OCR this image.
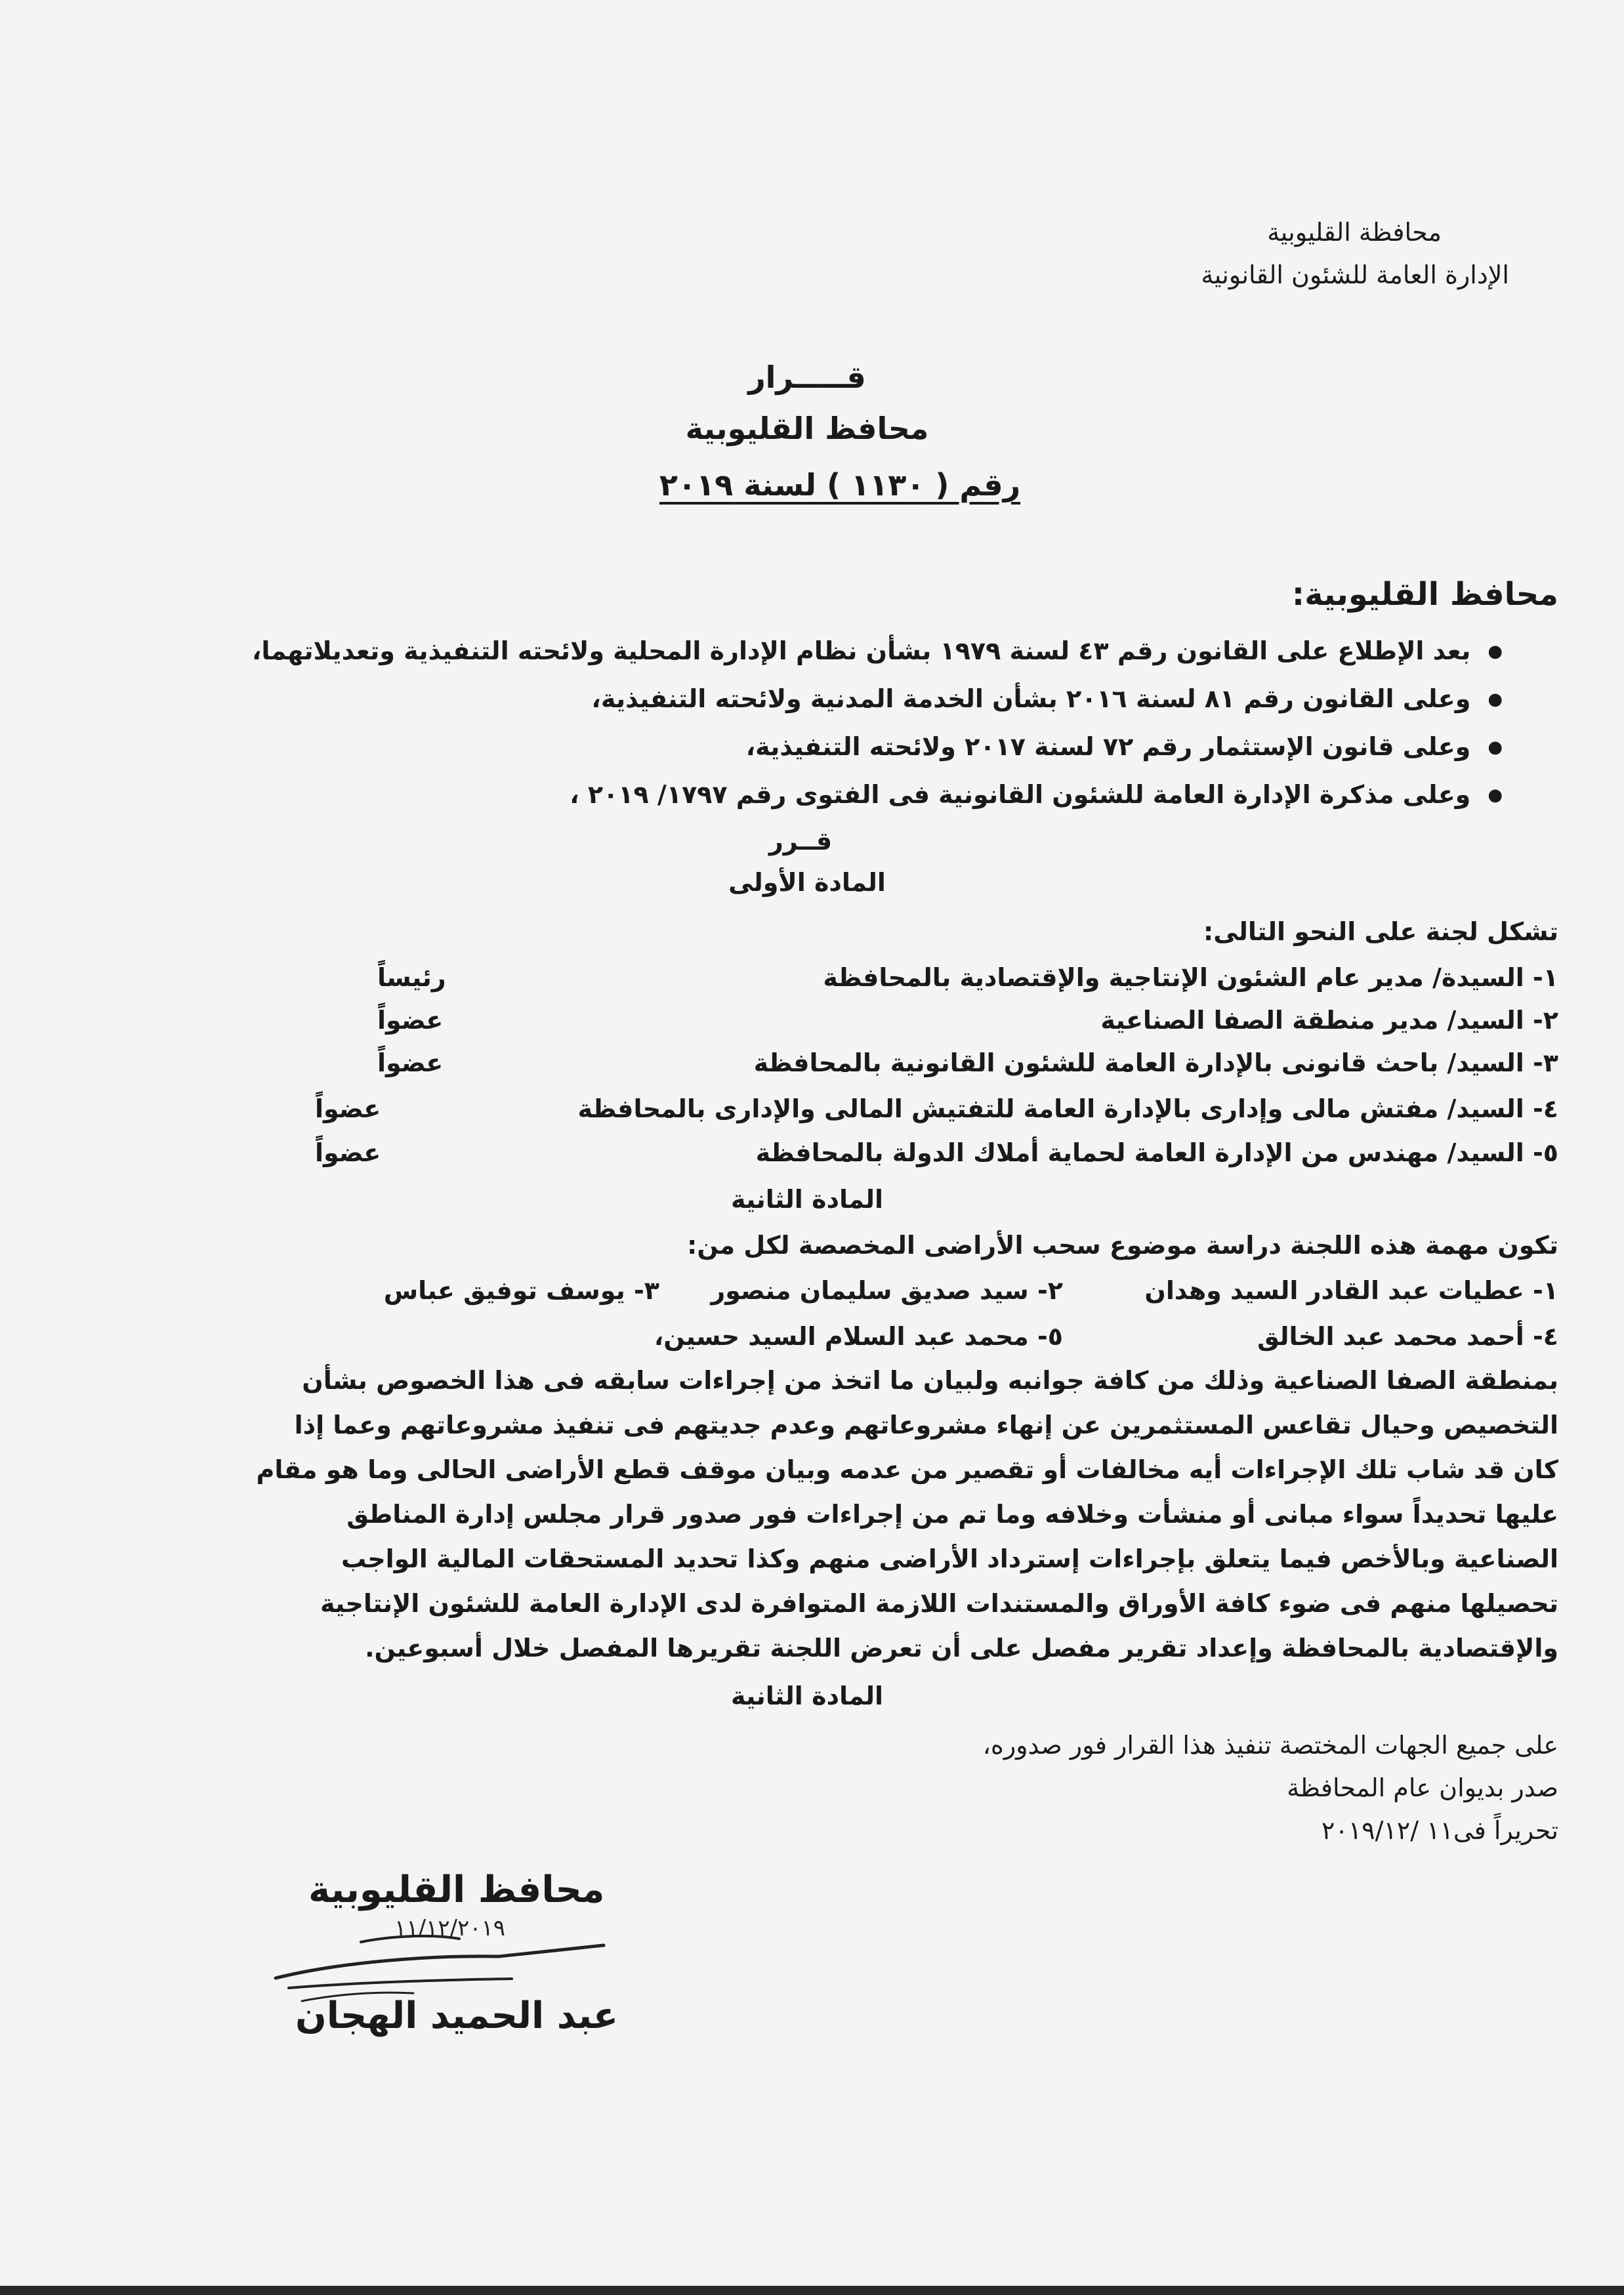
محافظة القليوبية
الإدارة العامة للشئون القانونية
قـــــرار
محافظ القليوبية
رقم ( ١١٣٠ ) لسنة ٢٠١٩
محافظ القليوبية:
● بعد الإطلاع على القانون رقم ٤٣ لسنة ١٩٧٩ بشأن نظام الإدارة المحلية ولائحته التنفيذية وتعديلاتهما،
● وعلى القانون رقم ٨١ لسنة ٢٠١٦ بشأن الخدمة المدنية ولائحته التنفيذية،
● وعلى قانون الإستثمار رقم ٧٢ لسنة ٢٠١٧ ولائحته التنفيذية،
● وعلى مذكرة الإدارة العامة للشئون القانونية فى الفتوى رقم ١٧٩٧/ ٢٠١٩ ،
قــرر
المادة الأولى
تشكل لجنة على النحو التالى:
١- السيدة/ مدير عام الشئون الإنتاجية والإقتصادية بالمحافظة
رئيساً
٢- السيد/ مدير منطقة الصفا الصناعية
عضواً
٣- السيد/ باحث قانونى بالإدارة العامة للشئون القانونية بالمحافظة
عضواً
٤- السيد/ مفتش مالى وإدارى بالإدارة العامة للتفتيش المالى والإدارى بالمحافظة
عضواً
٥- السيد/ مهندس من الإدارة العامة لحماية أملاك الدولة بالمحافظة
عضواً
المادة الثانية
تكون مهمة هذه اللجنة دراسة موضوع سحب الأراضى المخصصة لكل من:
١- عطيات عبد القادر السيد وهدان
٢- سيد صديق سليمان منصور
٣- يوسف توفيق عباس
٤- أحمد محمد عبد الخالق
٥- محمد عبد السلام السيد حسين،

بمنطقة الصفا الصناعية وذلك من كافة جوانبه ولبيان ما اتخذ من إجراءات سابقه فى هذا الخصوص بشأن

التخصيص وحيال تقاعس المستثمرين عن إنهاء مشروعاتهم وعدم جديتهم فى تنفيذ مشروعاتهم وعما إذا

كان قد شاب تلك الإجراءات أيه مخالفات أو تقصير من عدمه وبيان موقف قطع الأراضى الحالى وما هو مقام

عليها تحديداً سواء مبانى أو منشأت وخلافه وما تم من إجراءات فور صدور قرار مجلس إدارة المناطق

الصناعية وبالأخص فيما يتعلق بإجراءات إسترداد الأراضى منهم وكذا تحديد المستحقات المالية الواجب

تحصيلها منهم فى ضوء كافة الأوراق والمستندات اللازمة المتوافرة لدى الإدارة العامة للشئون الإنتاجية

والإقتصادية بالمحافظة وإعداد تقرير مفصل على أن تعرض اللجنة تقريرها المفصل خلال أسبوعين.

المادة الثانية
على جميع الجهات المختصة تنفيذ هذا القرار فور صدوره،
صدر بديوان عام المحافظة
تحريراً فى١١ /٢٠١٩/١٢
محافظ القليوبية
١١/١٢/٢٠١٩
عبد الحميد الهجان
